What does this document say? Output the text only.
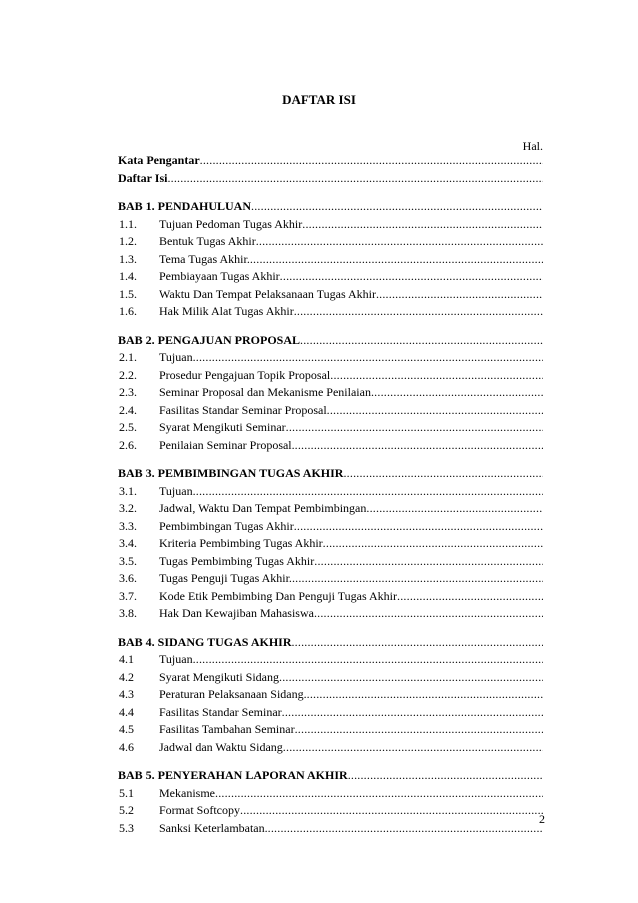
DAFTAR ISI
Hal.
Kata Pengantar
.....
Daftar Isi
.....
BAB 1. PENDAHULUAN
.....
1.1.	Tujuan Pedoman Tugas Akhir
.....
1.2.	Bentuk Tugas Akhir
.....
1.3.	Tema Tugas Akhir.
.....
1.4.	Pembiayaan Tugas Akhir
.....
1.5.	Waktu Dan Tempat Pelaksanaan Tugas Akhir
.....
1.6.	Hak Milik Alat Tugas Akhir
.....
BAB 2. PENGAJUAN PROPOSAL
.....
2.1.	Tujuan
.....
2.2.	Prosedur Pengajuan Topik Proposal
.....
2.3.	Seminar Proposal dan Mekanisme Penilaian
.....
2.4.	Fasilitas Standar Seminar Proposal
.....
2.5.	Syarat Mengikuti Seminar
.....
2.6.	Penilaian Seminar Proposal.
.....
BAB 3. PEMBIMBINGAN TUGAS AKHIR
.....
3.1.	Tujuan
.....
3.2.	Jadwal, Waktu Dan Tempat Pembimbingan
.....
3.3.	Pembimbingan Tugas Akhir
.....
3.4.	Kriteria Pembimbing Tugas Akhir
.....
3.5.	Tugas Pembimbing Tugas Akhir
.....
3.6.	Tugas Penguji Tugas Akhir.
.....
3.7.	Kode Etik Pembimbing Dan Penguji Tugas Akhir
.....
3.8.	Hak Dan Kewajiban Mahasiswa
.....
BAB 4. SIDANG TUGAS AKHIR
.....
4.1	Tujuan
.....
4.2	Syarat Mengikuti Sidang
.....
4.3	Peraturan Pelaksanaan Sidang.
.....
4.4	Fasilitas Standar Seminar
.....
4.5	Fasilitas Tambahan Seminar
.....
4.6	Jadwal dan Waktu Sidang
.....
BAB 5. PENYERAHAN LAPORAN AKHIR
.....
5.1	Mekanisme
.....
5.2	Format Softcopy
.....
5.3	Sanksi Keterlambatan.
.....
2
